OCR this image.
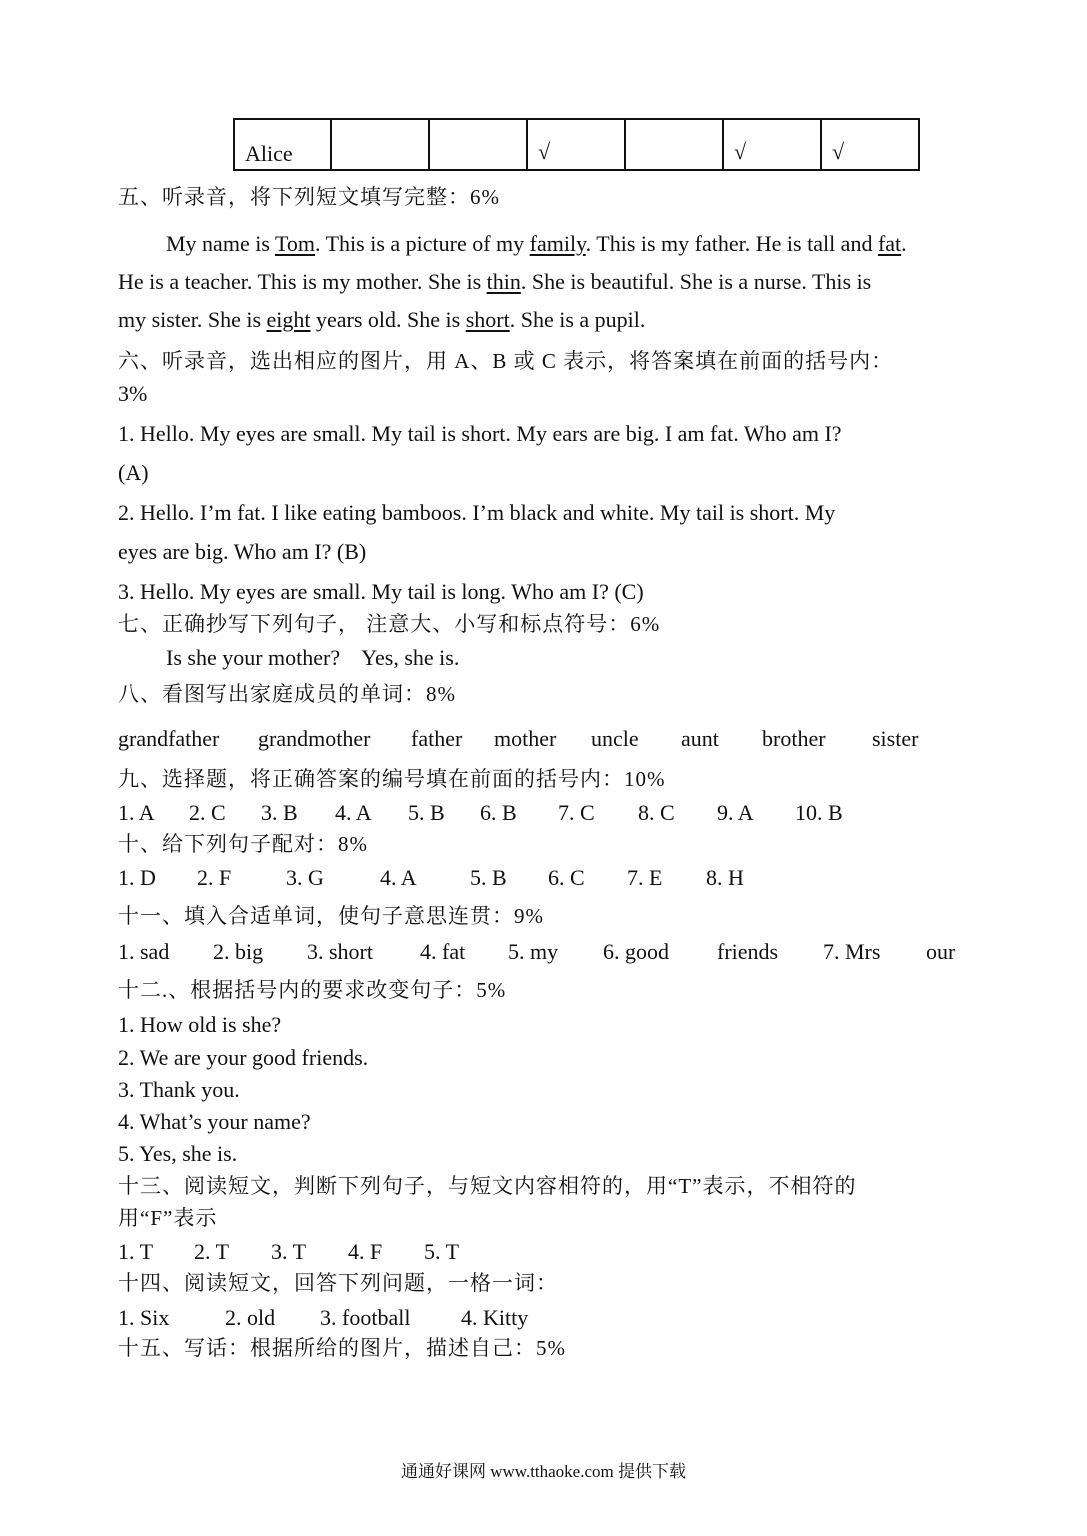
Alice			√		√	√
五、听录音，将下列短文填写完整：6%
My name is Tom. This is a picture of my family. This is my father. He is tall and fat.
He is a teacher. This is my mother. She is thin. She is beautiful. She is a nurse. This is
my sister. She is eight years old. She is short. She is a pupil.
六、听录音，选出相应的图片，用 A、B 或 C 表示，将答案填在前面的括号内：
3%
1. Hello. My eyes are small. My tail is short. My ears are big. I am fat. Who am I?
(A)
2. Hello. I’m fat. I like eating bamboos. I’m black and white. My tail is short. My
eyes are big. Who am I? (B)
3. Hello. My eyes are small. My tail is long. Who am I? (C)
七、正确抄写下列句子， 注意大、小写和标点符号：6%
Is she your mother?    Yes, she is.
八、看图写出家庭成员的单词：8%
grandfather grandmother father mother uncle aunt brother sister
九、选择题，将正确答案的编号填在前面的括号内：10%
1. A 2. C 3. B 4. A 5. B 6. B 7. C 8. C 9. A 10. B
十、给下列句子配对：8%
1. D 2. F 3. G	4. A 5. B 6. C 7. E 8. H
十一、填入合适单词，使句子意思连贯：9%
1. sad 2. big 3. short 4. fat 5. my 6. good friends 7. Mrs our
十二.、根据括号内的要求改变句子：5%
1. How old is she?
2. We are your good friends.
3. Thank you.
4. What’s your name?
5. Yes, she is.
十三、阅读短文，判断下列句子，与短文内容相符的，用“T”表示，不相符的
用“F”表示
1. T 2. T 3. T 4. F 5. T
十四、阅读短文，回答下列问题，一格一词：
1. Six	2. old 3. football 4. Kitty
十五、写话：根据所给的图片，描述自己：5%
通通好课网 www.tthaoke.com 提供下载
